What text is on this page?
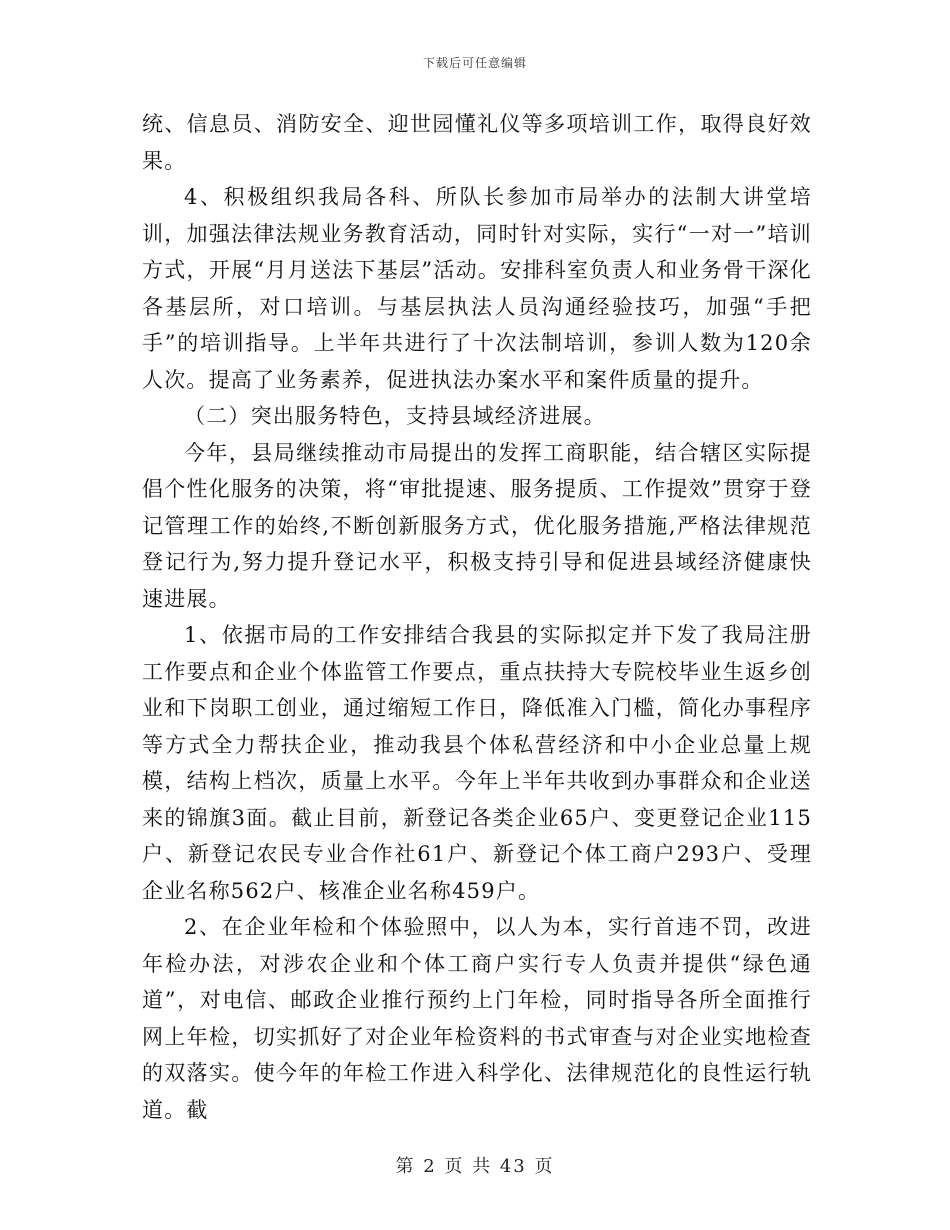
下载后可任意编辑

统、信息员、消防安全、迎世园懂礼仪等多项培训工作，取得良好效果。

4、积极组织我局各科、所队长参加市局举办的法制大讲堂培训，加强法律法规业务教育活动，同时针对实际，实行“一对一”培训方式，开展“月月送法下基层”活动。安排科室负责人和业务骨干深化各基层所，对口培训。与基层执法人员沟通经验技巧，加强“手把手”的培训指导。上半年共进行了十次法制培训，参训人数为120余人次。提高了业务素养，促进执法办案水平和案件质量的提升。

（二）突出服务特色，支持县域经济进展。

今年，县局继续推动市局提出的发挥工商职能，结合辖区实际提倡个性化服务的决策，将“审批提速、服务提质、工作提效”贯穿于登记管理工作的始终,不断创新服务方式，优化服务措施,严格法律规范登记行为,努力提升登记水平，积极支持引导和促进县域经济健康快速进展。

1、依据市局的工作安排结合我县的实际拟定并下发了我局注册工作要点和企业个体监管工作要点，重点扶持大专院校毕业生返乡创业和下岗职工创业，通过缩短工作日，降低准入门槛，简化办事程序等方式全力帮扶企业，推动我县个体私营经济和中小企业总量上规模，结构上档次，质量上水平。今年上半年共收到办事群众和企业送来的锦旗3面。截止目前，新登记各类企业65户、变更登记企业115户、新登记农民专业合作社61户、新登记个体工商户293户、受理企业名称562户、核准企业名称459户。

2、在企业年检和个体验照中，以人为本，实行首违不罚，改进年检办法，对涉农企业和个体工商户实行专人负责并提供“绿色通道”，对电信、邮政企业推行预约上门年检，同时指导各所全面推行网上年检，切实抓好了对企业年检资料的书式审查与对企业实地检查的双落实。使今年的年检工作进入科学化、法律规范化的良性运行轨道。截

第 2 页 共 43 页
